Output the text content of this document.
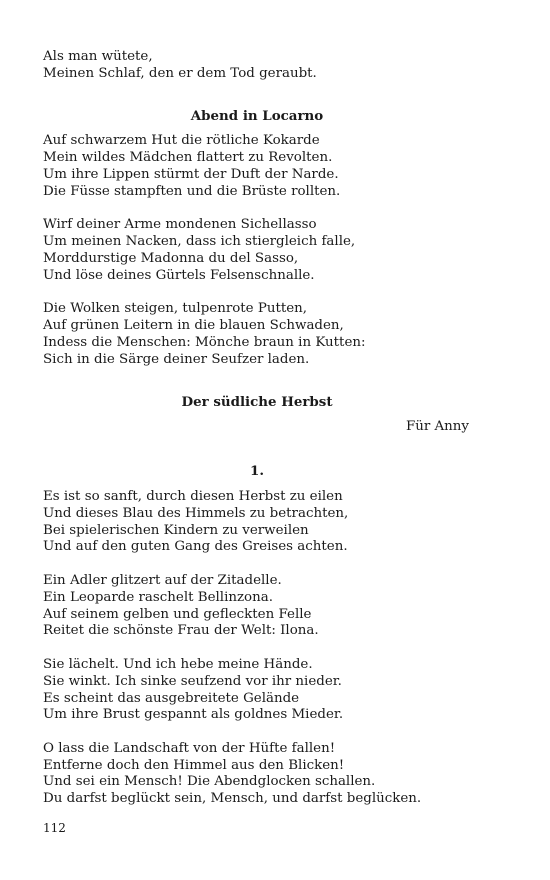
Als man wütete,
Meinen Schlaf, den er dem Tod geraubt.
Abend in Locarno
Auf schwarzem Hut die rötliche Kokarde
Mein wildes Mädchen flattert zu Revolten.
Um ihre Lippen stürmt der Duft der Narde.
Die Füsse stampften und die Brüste rollten.
Wirf deiner Arme mondenen Sichellasso
Um meinen Nacken, dass ich stiergleich falle,
Morddurstige Madonna du del Sasso,
Und löse deines Gürtels Felsenschnalle.
Die Wolken steigen, tulpenrote Putten,
Auf grünen Leitern in die blauen Schwaden,
Indess die Menschen: Mönche braun in Kutten:
Sich in die Särge deiner Seufzer laden.
Der südliche Herbst
Für Anny
1.
Es ist so sanft, durch diesen Herbst zu eilen
Und dieses Blau des Himmels zu betrachten,
Bei spielerischen Kindern zu verweilen
Und auf den guten Gang des Greises achten.
Ein Adler glitzert auf der Zitadelle.
Ein Leoparde raschelt Bellinzona.
Auf seinem gelben und gefleckten Felle
Reitet die schönste Frau der Welt: Ilona.
Sie lächelt. Und ich hebe meine Hände.
Sie winkt. Ich sinke seufzend vor ihr nieder.
Es scheint das ausgebreitete Gelände
Um ihre Brust gespannt als goldnes Mieder.
O lass die Landschaft von der Hüfte fallen!
Entferne doch den Himmel aus den Blicken!
Und sei ein Mensch! Die Abendglocken schallen.
Du darfst beglückt sein, Mensch, und darfst beglücken.
112
